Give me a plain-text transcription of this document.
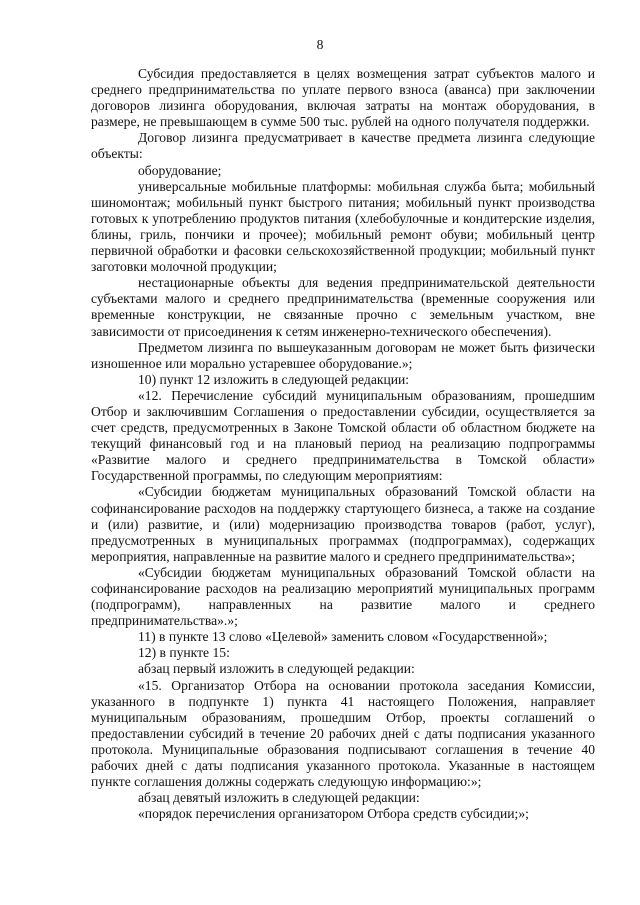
8

Субсидия предоставляется в целях возмещения затрат субъектов малого и среднего предпринимательства по уплате первого взноса (аванса) при заключении договоров лизинга оборудования, включая затраты на монтаж оборудования, в размере, не превышающем в сумме 500 тыс. рублей на одного получателя поддержки.

Договор лизинга предусматривает в качестве предмета лизинга следующие объекты:

оборудование;

универсальные мобильные платформы: мобильная служба быта; мобильный шиномонтаж; мобильный пункт быстрого питания; мобильный пункт производства готовых к употреблению продуктов питания (хлебобулочные и кондитерские изделия, блины, гриль, пончики и прочее); мобильный ремонт обуви; мобильный центр первичной обработки и фасовки сельскохозяйственной продукции; мобильный пункт заготовки молочной продукции;

нестационарные объекты для ведения предпринимательской деятельности субъектами малого и среднего предпринимательства (временные сооружения или временные конструкции, не связанные прочно с земельным участком, вне зависимости от присоединения к сетям инженерно-технического обеспечения).

Предметом лизинга по вышеуказанным договорам не может быть физически изношенное или морально устаревшее оборудование.»;

10) пункт 12 изложить в следующей редакции:

«12. Перечисление субсидий муниципальным образованиям, прошедшим Отбор и заключившим Соглашения о предоставлении субсидии, осуществляется за счет средств, предусмотренных в Законе Томской области об областном бюджете на текущий финансовый год и на плановый период на реализацию подпрограммы «Развитие малого и среднего предпринимательства в Томской области» Государственной программы, по следующим мероприятиям:

«Субсидии бюджетам муниципальных образований Томской области на софинансирование расходов на поддержку стартующего бизнеса, а также на создание и (или) развитие, и (или) модернизацию производства товаров (работ, услуг), предусмотренных в муниципальных программах (подпрограммах), содержащих мероприятия, направленные на развитие малого и среднего предпринимательства»;

«Субсидии бюджетам муниципальных образований Томской области на софинансирование расходов на реализацию мероприятий муниципальных программ (подпрограмм), направленных на развитие малого и среднего предпринимательства».»;

11) в пункте 13 слово «Целевой» заменить словом «Государственной»;

12) в пункте 15:

абзац первый изложить в следующей редакции:

«15. Организатор Отбора на основании протокола заседания Комиссии, указанного в подпункте 1) пункта 41 настоящего Положения, направляет муниципальным образованиям, прошедшим Отбор, проекты соглашений о предоставлении субсидий в течение 20 рабочих дней с даты подписания указанного протокола. Муниципальные образования подписывают соглашения в течение 40 рабочих дней с даты подписания указанного протокола. Указанные в настоящем пункте соглашения должны содержать следующую информацию:»;

абзац девятый изложить в следующей редакции:

«порядок перечисления организатором Отбора средств субсидии;»;
